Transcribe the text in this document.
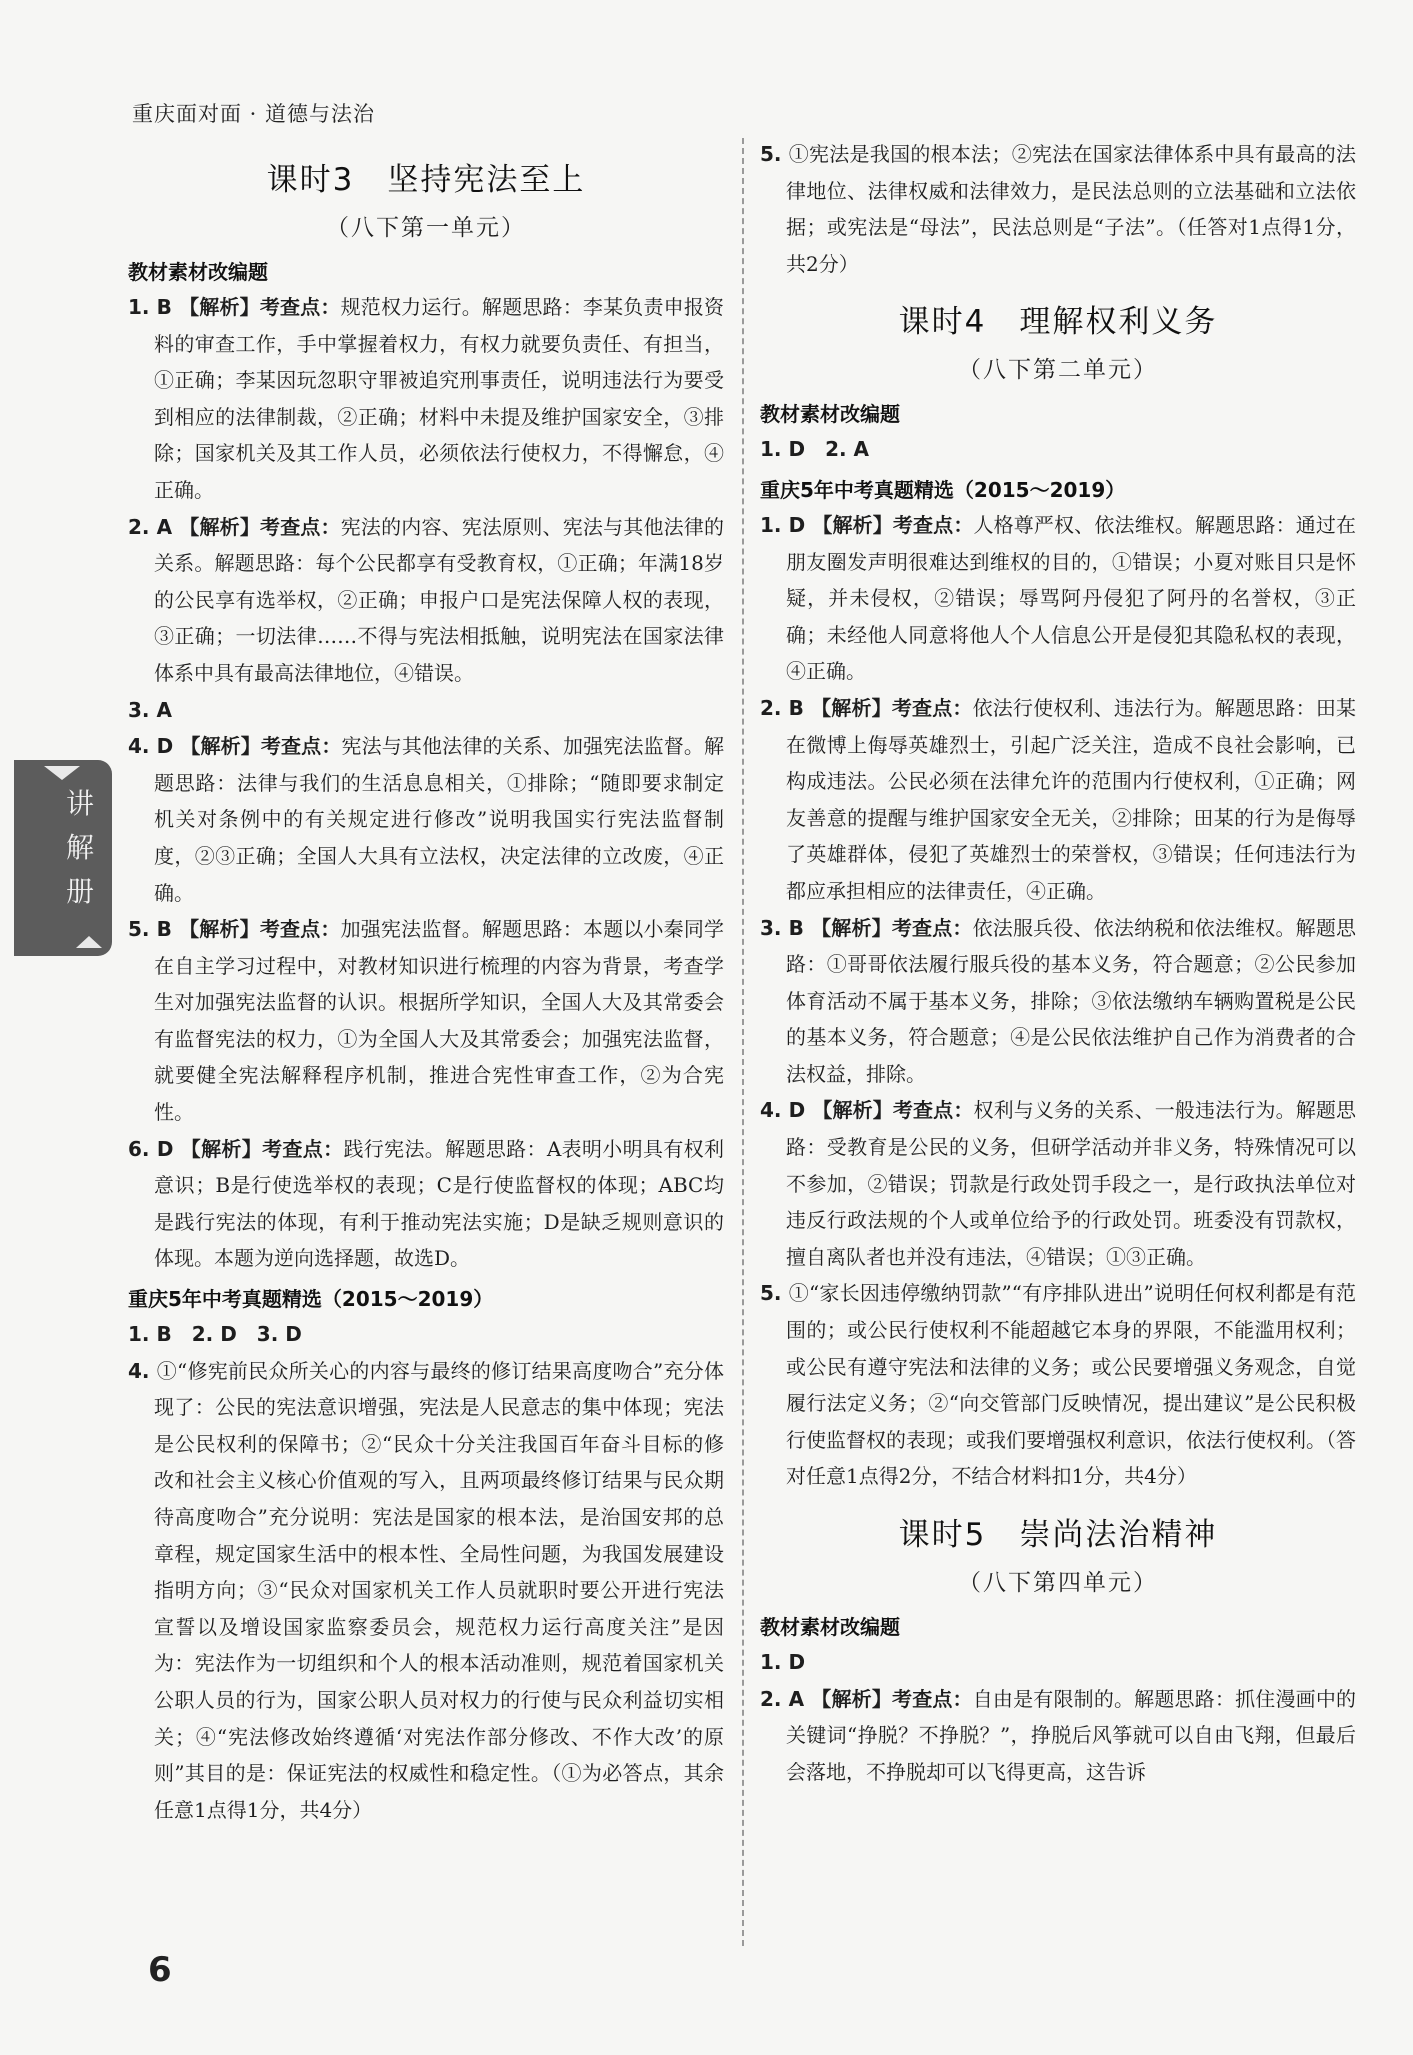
重庆面对面 · 道德与法治
讲解册
课时3　坚持宪法至上
（八下第一单元）
教材素材改编题

1. B 【解析】考查点：规范权力运行。解题思路：李某负责申报资料的审查工作，手中掌握着权力，有权力就要负责任、有担当，①正确；李某因玩忽职守罪被追究刑事责任，说明违法行为要受到相应的法律制裁，②正确；材料中未提及维护国家安全，③排除；国家机关及其工作人员，必须依法行使权力，不得懈怠，④正确。

2. A 【解析】考查点：宪法的内容、宪法原则、宪法与其他法律的关系。解题思路：每个公民都享有受教育权，①正确；年满18岁的公民享有选举权，②正确；申报户口是宪法保障人权的表现，③正确；一切法律……不得与宪法相抵触，说明宪法在国家法律体系中具有最高法律地位，④错误。

3. A

4. D 【解析】考查点：宪法与其他法律的关系、加强宪法监督。解题思路：法律与我们的生活息息相关，①排除；“随即要求制定机关对条例中的有关规定进行修改”说明我国实行宪法监督制度，②③正确；全国人大具有立法权，决定法律的立改废，④正确。

5. B 【解析】考查点：加强宪法监督。解题思路：本题以小秦同学在自主学习过程中，对教材知识进行梳理的内容为背景，考查学生对加强宪法监督的认识。根据所学知识，全国人大及其常委会有监督宪法的权力，①为全国人大及其常委会；加强宪法监督，就要健全宪法解释程序机制，推进合宪性审查工作，②为合宪性。

6. D 【解析】考查点：践行宪法。解题思路：A表明小明具有权利意识；B是行使选举权的表现；C是行使监督权的体现；ABC均是践行宪法的体现，有利于推动宪法实施；D是缺乏规则意识的体现。本题为逆向选择题，故选D。

重庆5年中考真题精选（2015～2019）

1. B　2. D　3. D

4. ①“修宪前民众所关心的内容与最终的修订结果高度吻合”充分体现了：公民的宪法意识增强，宪法是人民意志的集中体现；宪法是公民权利的保障书；②“民众十分关注我国百年奋斗目标的修改和社会主义核心价值观的写入，且两项最终修订结果与民众期待高度吻合”充分说明：宪法是国家的根本法，是治国安邦的总章程，规定国家生活中的根本性、全局性问题，为我国发展建设指明方向；③“民众对国家机关工作人员就职时要公开进行宪法宣誓以及增设国家监察委员会，规范权力运行高度关注”是因为：宪法作为一切组织和个人的根本活动准则，规范着国家机关公职人员的行为，国家公职人员对权力的行使与民众利益切实相关；④“宪法修改始终遵循‘对宪法作部分修改、不作大改’的原则”其目的是：保证宪法的权威性和稳定性。（①为必答点，其余任意1点得1分，共4分）

5. ①宪法是我国的根本法；②宪法在国家法律体系中具有最高的法律地位、法律权威和法律效力，是民法总则的立法基础和立法依据；或宪法是“母法”，民法总则是“子法”。（任答对1点得1分，共2分）

课时4　理解权利义务
（八下第二单元）
教材素材改编题

1. D　2. A

重庆5年中考真题精选（2015～2019）

1. D 【解析】考查点：人格尊严权、依法维权。解题思路：通过在朋友圈发声明很难达到维权的目的，①错误；小夏对账目只是怀疑，并未侵权，②错误；辱骂阿丹侵犯了阿丹的名誉权，③正确；未经他人同意将他人个人信息公开是侵犯其隐私权的表现，④正确。

2. B 【解析】考查点：依法行使权利、违法行为。解题思路：田某在微博上侮辱英雄烈士，引起广泛关注，造成不良社会影响，已构成违法。公民必须在法律允许的范围内行使权利，①正确；网友善意的提醒与维护国家安全无关，②排除；田某的行为是侮辱了英雄群体，侵犯了英雄烈士的荣誉权，③错误；任何违法行为都应承担相应的法律责任，④正确。

3. B 【解析】考查点：依法服兵役、依法纳税和依法维权。解题思路：①哥哥依法履行服兵役的基本义务，符合题意；②公民参加体育活动不属于基本义务，排除；③依法缴纳车辆购置税是公民的基本义务，符合题意；④是公民依法维护自己作为消费者的合法权益，排除。

4. D 【解析】考查点：权利与义务的关系、一般违法行为。解题思路：受教育是公民的义务，但研学活动并非义务，特殊情况可以不参加，②错误；罚款是行政处罚手段之一，是行政执法单位对违反行政法规的个人或单位给予的行政处罚。班委没有罚款权，擅自离队者也并没有违法，④错误；①③正确。

5. ①“家长因违停缴纳罚款”“有序排队进出”说明任何权利都是有范围的；或公民行使权利不能超越它本身的界限，不能滥用权利；或公民有遵守宪法和法律的义务；或公民要增强义务观念，自觉履行法定义务；②“向交管部门反映情况，提出建议”是公民积极行使监督权的表现；或我们要增强权利意识，依法行使权利。（答对任意1点得2分，不结合材料扣1分，共4分）

课时5　崇尚法治精神
（八下第四单元）
教材素材改编题

1. D

2. A 【解析】考查点：自由是有限制的。解题思路：抓住漫画中的关键词“挣脱？不挣脱？”，挣脱后风筝就可以自由飞翔，但最后会落地，不挣脱却可以飞得更高，这告诉

6
